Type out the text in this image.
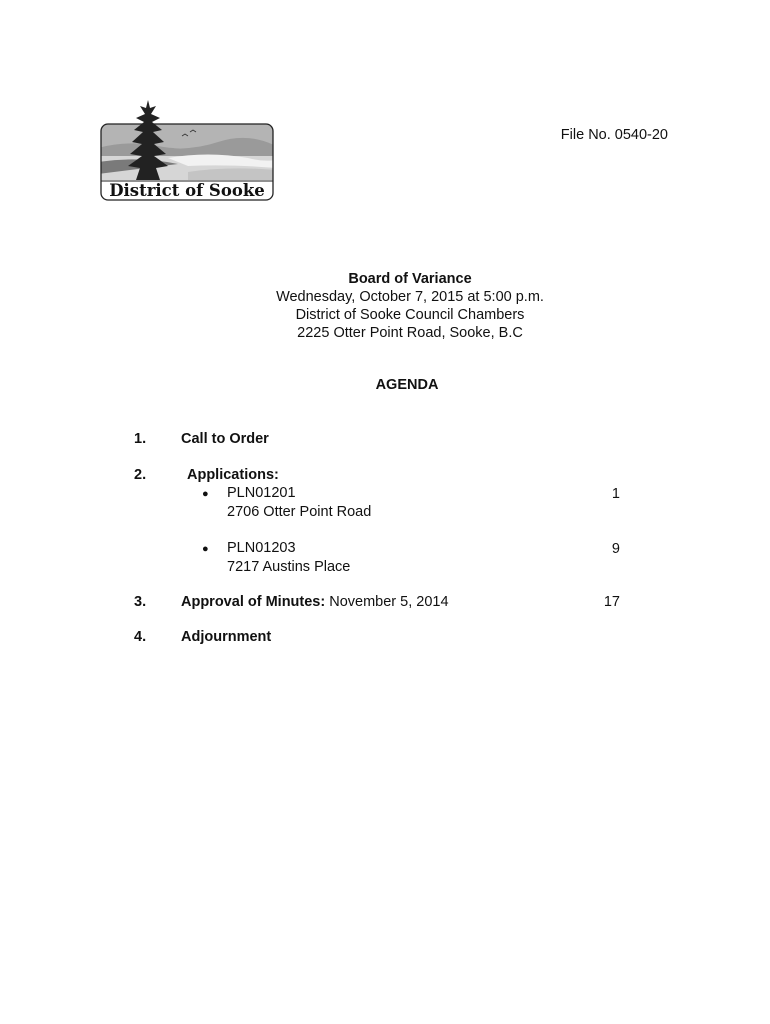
District of Sooke
File No. 0540-20
Board of Variance
Wednesday, October 7, 2015 at 5:00 p.m.
District of Sooke Council Chambers
2225 Otter Point Road, Sooke, B.C
AGENDA
1. Call to Order
2.	Applications:
● PLN01201
2706 Otter Point Road
1
● PLN01203
7217 Austins Place
9
3. Approval of Minutes: November 5, 2014	17
4. Adjournment
